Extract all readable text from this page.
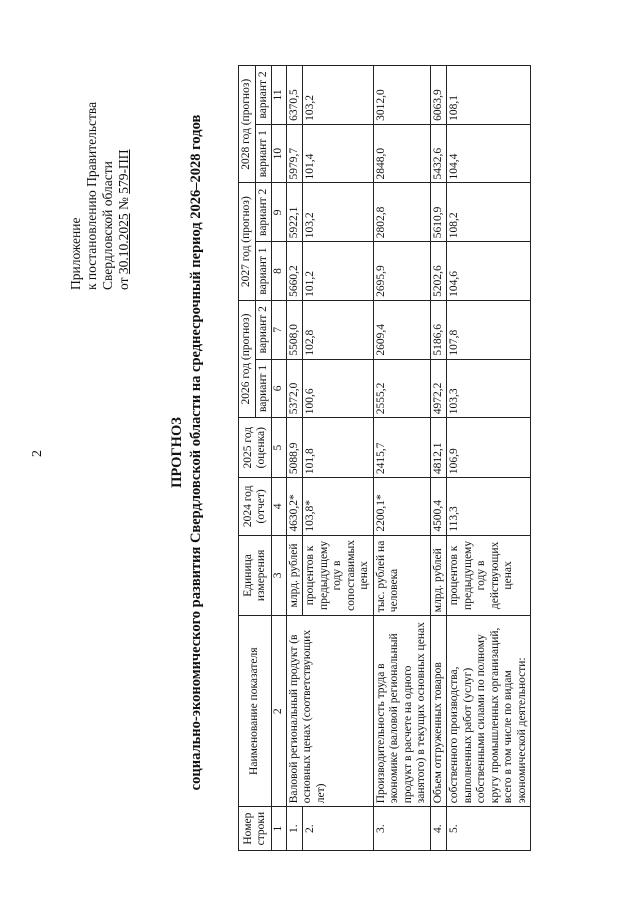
2
Приложение к постановлению Правительства Свердловской области от 30.10.2025 № 579-ПП
ПРОГНОЗ социально-экономического развития Свердловской области на среднесрочный период 2026–2028 годов
Номер строки	Наименование показателя	Единица измерения	2024 год (отчет)	2025 год (оценка)	2026 год (прогноз)		2027 год (прогноз)		2028 год (прогноз)	
					вариант 1	вариант 2	вариант 1	вариант 2	вариант 1	вариант 2
1	2	3	4	5	6	7	8	9	10	11
1.	Валовой региональный продукт (в основных ценах (соответствующих лет)	млрд. рублей	4630,2*	5088,9	5372,0	5508,0	5660,2	5922,1	5979,7	6370,5
2.		процентов к предыдущему году в сопоставимых ценах	103,8*	101,8	100,6	102,8	101,2	103,2	101,4	103,2
3.	Производительность труда в экономике (валовой региональный продукт в расчете на одного занятого) в текущих основных ценах	тыс. рублей на человека	2200,1*	2415,7	2555,2	2609,4	2695,9	2802,8	2848,0	3012,0
4.	Объем отгруженных товаров	млрд. рублей	4500,4	4812,1	4972,2	5186,6	5202,6	5610,9	5432,6	6063,9
5.	собственного производства, выполненных работ (услуг) собственными силами по полному кругу промышленных организаций, всего в том числе по видам экономической деятельности:	процентов к предыдущему году в действующих ценах	113,3	106,9	103,3	107,8	104,6	108,2	104,4	108,1
